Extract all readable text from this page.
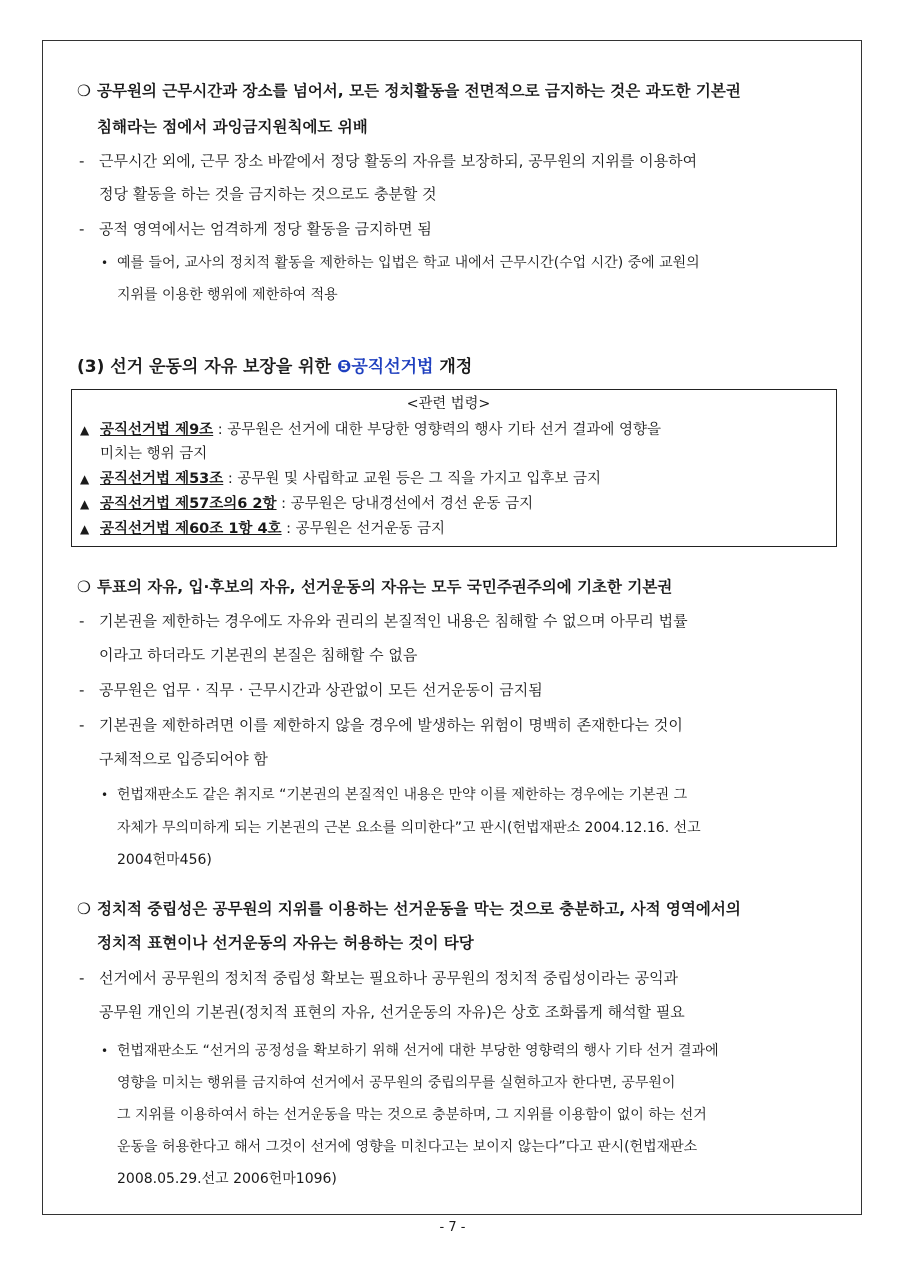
❍ 공무원의 근무시간과 장소를 넘어서, 모든 정치활동을 전면적으로 금지하는 것은 과도한 기본권
침해라는 점에서 과잉금지원칙에도 위배
- 근무시간 외에, 근무 장소 바깥에서 정당 활동의 자유를 보장하되, 공무원의 지위를 이용하여
정당 활동을 하는 것을 금지하는 것으로도 충분할 것
- 공적 영역에서는 엄격하게 정당 활동을 금지하면 됨
• 예를 들어, 교사의 정치적 활동을 제한하는 입법은 학교 내에서 근무시간(수업 시간) 중에 교원의
지위를 이용한 행위에 제한하여 적용
(3) 선거 운동의 자유 보장을 위한 ❺공직선거법 개정
<관련 법령>
▲ 공직선거법 제9조 : 공무원은 선거에 대한 부당한 영향력의 행사 기타 선거 결과에 영향을
미치는 행위 금지
▲ 공직선거법 제53조 : 공무원 및 사립학교 교원 등은 그 직을 가지고 입후보 금지
▲ 공직선거법 제57조의6 2항 : 공무원은 당내경선에서 경선 운동 금지
▲ 공직선거법 제60조 1항 4호 : 공무원은 선거운동 금지
❍ 투표의 자유, 입·후보의 자유, 선거운동의 자유는 모두 국민주권주의에 기초한 기본권
- 기본권을 제한하는 경우에도 자유와 권리의 본질적인 내용은 침해할 수 없으며 아무리 법률
이라고 하더라도 기본권의 본질은 침해할 수 없음
- 공무원은 업무 · 직무 · 근무시간과 상관없이 모든 선거운동이 금지됨
- 기본권을 제한하려면 이를 제한하지 않을 경우에 발생하는 위험이 명백히 존재한다는 것이
구체적으로 입증되어야 함
• 헌법재판소도 같은 취지로 “기본권의 본질적인 내용은 만약 이를 제한하는 경우에는 기본권 그
자체가 무의미하게 되는 기본권의 근본 요소를 의미한다”고 판시(헌법재판소 2004.12.16. 선고
2004헌마456)
❍ 정치적 중립성은 공무원의 지위를 이용하는 선거운동을 막는 것으로 충분하고, 사적 영역에서의
정치적 표현이나 선거운동의 자유는 허용하는 것이 타당
- 선거에서 공무원의 정치적 중립성 확보는 필요하나 공무원의 정치적 중립성이라는 공익과
공무원 개인의 기본권(정치적 표현의 자유, 선거운동의 자유)은 상호 조화롭게 해석할 필요
• 헌법재판소도 “선거의 공정성을 확보하기 위해 선거에 대한 부당한 영향력의 행사 기타 선거 결과에
영향을 미치는 행위를 금지하여 선거에서 공무원의 중립의무를 실현하고자 한다면, 공무원이
그 지위를 이용하여서 하는 선거운동을 막는 것으로 충분하며, 그 지위를 이용함이 없이 하는 선거
운동을 허용한다고 해서 그것이 선거에 영향을 미친다고는 보이지 않는다”다고 판시(헌법재판소
2008.05.29.선고 2006헌마1096)
- 7 -
